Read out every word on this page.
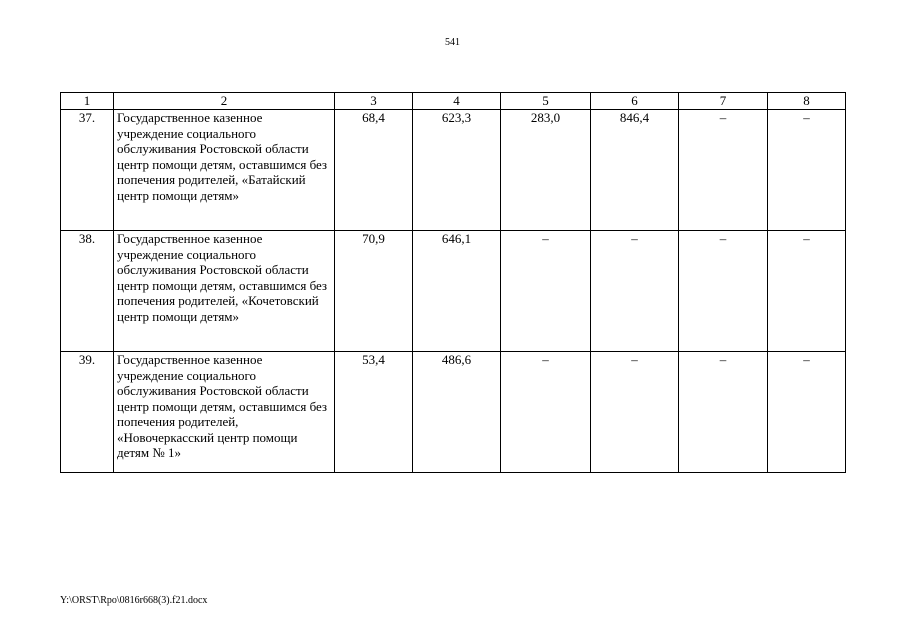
541
1	2	3	4	5	6	7	8
37.	Государственное казенное учреждение социального обслуживания Ростовской области центр помощи детям, оставшимся без попечения родителей, «Батайский центр помощи детям»	68,4	623,3	283,0	846,4	–	–
38.	Государственное казенное учреждение социального обслуживания Ростовской области центр помощи детям, оставшимся без попечения родителей, «Кочетовский центр помощи детям»	70,9	646,1	–	–	–	–
39.	Государственное казенное учреждение социального обслуживания Ростовской области центр помощи детям, оставшимся без попечения родителей, «Новочеркасский центр помощи детям № 1»	53,4	486,6	–	–	–	–
Y:\ORST\Rpo\0816r668(3).f21.docx
